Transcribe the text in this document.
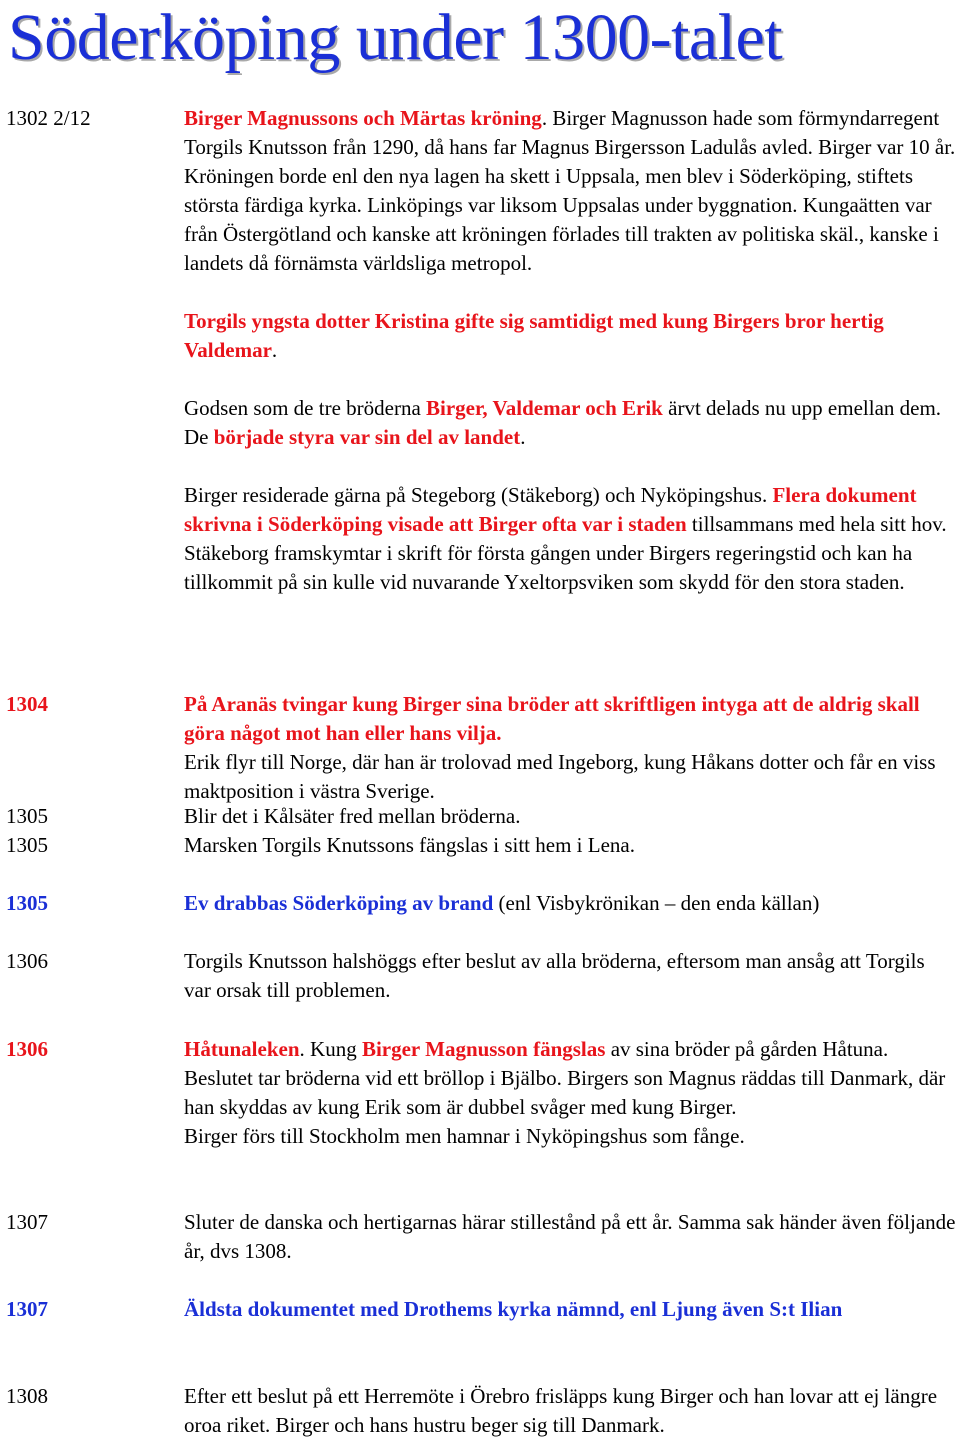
Söderköping under 1300-talet
1302 2/12	Birger Magnussons och Märtas kröning. Birger Magnusson hade som förmyndarregent Torgils Knutsson från 1290, då hans far Magnus Birgersson Ladulås avled. Birger var 10 år. Kröningen borde enl den nya lagen ha skett i Uppsala, men blev i Söderköping, stiftets största färdiga kyrka. Linköpings var liksom Uppsalas under byggnation. Kungaätten var från Östergötland och kanske att kröningen förlades till trakten av politiska skäl., kanske i landets då förnämsta världsliga metropol.

Torgils yngsta dotter Kristina gifte sig samtidigt med kung Birgers bror hertig Valdemar.

Godsen som de tre bröderna Birger, Valdemar och Erik ärvt delads nu upp emellan dem. De började styra var sin del av landet.

Birger residerade gärna på Stegeborg (Stäkeborg) och Nyköpingshus. Flera dokument skrivna i Söderköping visade att Birger ofta var i staden tillsammans med hela sitt hov. Stäkeborg framskymtar i skrift för första gången under Birgers regeringstid och kan ha tillkommit på sin kulle vid nuvarande Yxeltorpsviken som skydd för den stora staden.

1304	På Aranäs tvingar kung Birger sina bröder att skriftligen intyga att de aldrig skall göra något mot han eller hans vilja.

Erik flyr till Norge, där han är trolovad med Ingeborg, kung Håkans dotter och får en viss maktposition i västra Sverige.

1305	Blir det i Kålsäter fred mellan bröderna.

1305	Marsken Torgils Knutssons fängslas i sitt hem i Lena.

1305	Ev drabbas Söderköping av brand (enl Visbykrönikan – den enda källan)

1306	Torgils Knutsson halshöggs efter beslut av alla bröderna, eftersom man ansåg att Torgils var orsak till problemen.

1306	Håtunaleken. Kung Birger Magnusson fängslas av sina bröder på gården Håtuna. Beslutet tar bröderna vid ett bröllop i Bjälbo. Birgers son Magnus räddas till Danmark, där han skyddas av kung Erik som är dubbel svåger med kung Birger.

Birger förs till Stockholm men hamnar i Nyköpingshus som fånge.

1307	Sluter de danska och hertigarnas härar stillestånd på ett år. Samma sak händer även följande år, dvs 1308.

1307	Äldsta dokumentet med Drothems kyrka nämnd, enl Ljung även S:t Ilian

1308	Efter ett beslut på ett Herremöte i Örebro frisläpps kung Birger och han lovar att ej längre oroa riket. Birger och hans hustru beger sig till Danmark.
